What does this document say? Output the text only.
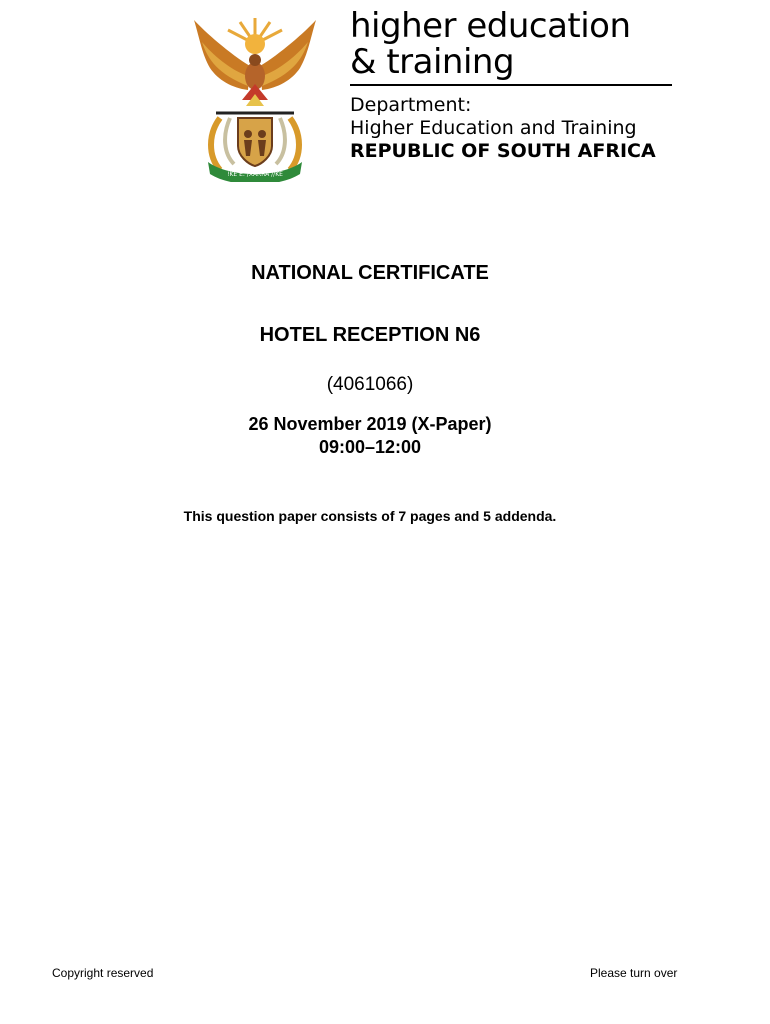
!KE E: /XARRA //KE
higher education
& training
Department:
Higher Education and Training
REPUBLIC OF SOUTH AFRICA
NATIONAL CERTIFICATE
HOTEL RECEPTION N6
(4061066)
26 November 2019 (X-Paper)
09:00–12:00
This question paper consists of 7 pages and 5 addenda.
Copyright reserved	Please turn over
